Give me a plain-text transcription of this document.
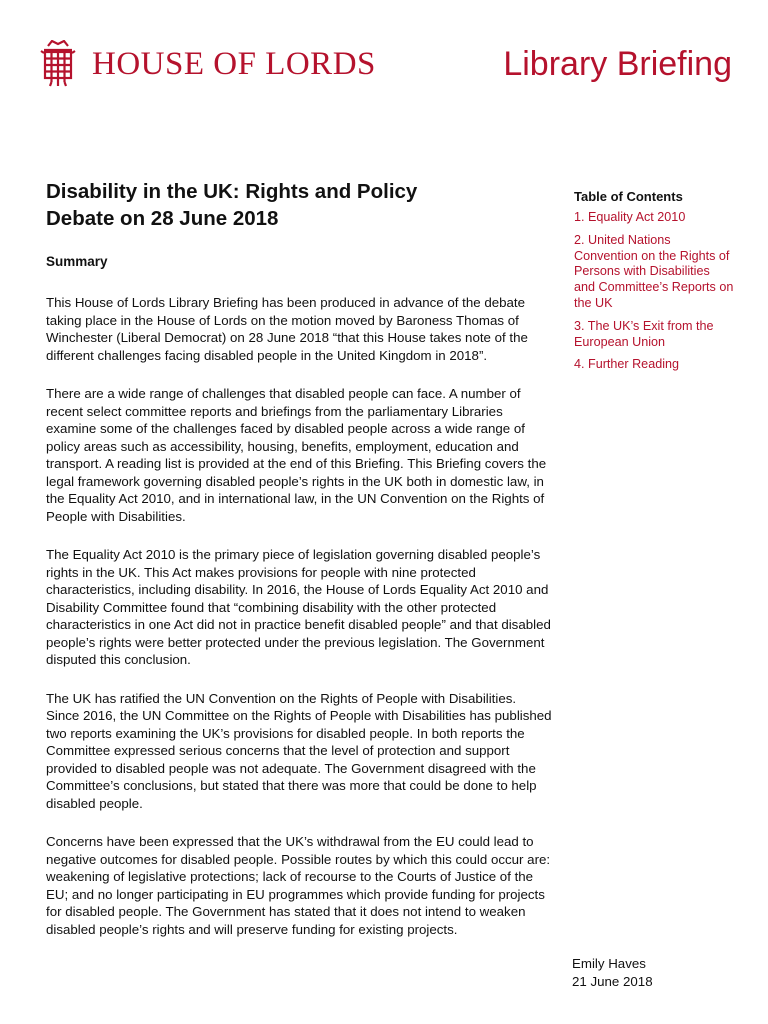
HOUSE OF LORDS	Library Briefing
Disability in the UK: Rights and Policy
Debate on 28 June 2018
Summary

This House of Lords Library Briefing has been produced in advance of the debate taking place in the House of Lords on the motion moved by Baroness Thomas of Winchester (Liberal Democrat) on 28 June 2018 “that this House takes note of the different challenges facing disabled people in the United Kingdom in 2018”.

There are a wide range of challenges that disabled people can face. A number of recent select committee reports and briefings from the parliamentary Libraries examine some of the challenges faced by disabled people across a wide range of policy areas such as accessibility, housing, benefits, employment, education and transport. A reading list is provided at the end of this Briefing. This Briefing covers the legal framework governing disabled people’s rights in the UK both in domestic law, in the Equality Act 2010, and in international law, in the UN Convention on the Rights of People with Disabilities.

The Equality Act 2010 is the primary piece of legislation governing disabled people’s rights in the UK. This Act makes provisions for people with nine protected characteristics, including disability. In 2016, the House of Lords Equality Act 2010 and Disability Committee found that “combining disability with the other protected characteristics in one Act did not in practice benefit disabled people” and that disabled people’s rights were better protected under the previous legislation. The Government disputed this conclusion.

The UK has ratified the UN Convention on the Rights of People with Disabilities. Since 2016, the UN Committee on the Rights of People with Disabilities has published two reports examining the UK’s provisions for disabled people. In both reports the Committee expressed serious concerns that the level of protection and support provided to disabled people was not adequate. The Government disagreed with the Committee’s conclusions, but stated that there was more that could be done to help disabled people.

Concerns have been expressed that the UK’s withdrawal from the EU could lead to negative outcomes for disabled people. Possible routes by which this could occur are: weakening of legislative protections; lack of recourse to the Courts of Justice of the EU; and no longer participating in EU programmes which provide funding for projects for disabled people. The Government has stated that it does not intend to weaken disabled people’s rights and will preserve funding for existing projects.

Table of Contents
1. Equality Act 2010
2. United Nations Convention on the Rights of Persons with Disabilities and Committee’s Reports on the UK
3. The UK’s Exit from the European Union
4. Further Reading
Emily Haves
21 June 2018
